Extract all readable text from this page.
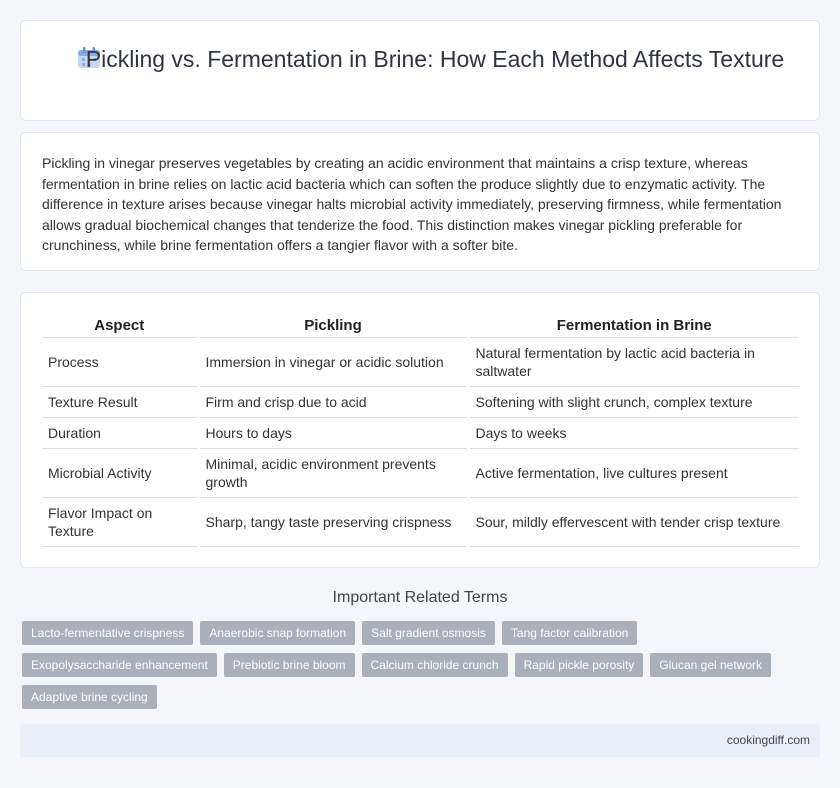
Pickling vs. Fermentation in Brine: How Each Method Affects Texture

Pickling in vinegar preserves vegetables by creating an acidic environment that maintains a crisp texture, whereas fermentation in brine relies on lactic acid bacteria which can soften the produce slightly due to enzymatic activity. The difference in texture arises because vinegar halts microbial activity immediately, preserving firmness, while fermentation allows gradual biochemical changes that tenderize the food. This distinction makes vinegar pickling preferable for crunchiness, while brine fermentation offers a tangier flavor with a softer bite.

Aspect	Pickling	Fermentation in Brine
Process	Immersion in vinegar or acidic solution	Natural fermentation by lactic acid bacteria in saltwater
Texture Result	Firm and crisp due to acid	Softening with slight crunch, complex texture
Duration	Hours to days	Days to weeks
Microbial Activity	Minimal, acidic environment prevents growth	Active fermentation, live cultures present
Flavor Impact on Texture	Sharp, tangy taste preserving crispness	Sour, mildly effervescent with tender crisp texture
Important Related Terms
Lacto-fermentative crispness	Anaerobic snap formation	Salt gradient osmosis	Tang factor calibration
Exopolysaccharide enhancement	Prebiotic brine bloom	Calcium chloride crunch	Rapid pickle porosity	Glucan gel network
Adaptive brine cycling
cookingdiff.com
